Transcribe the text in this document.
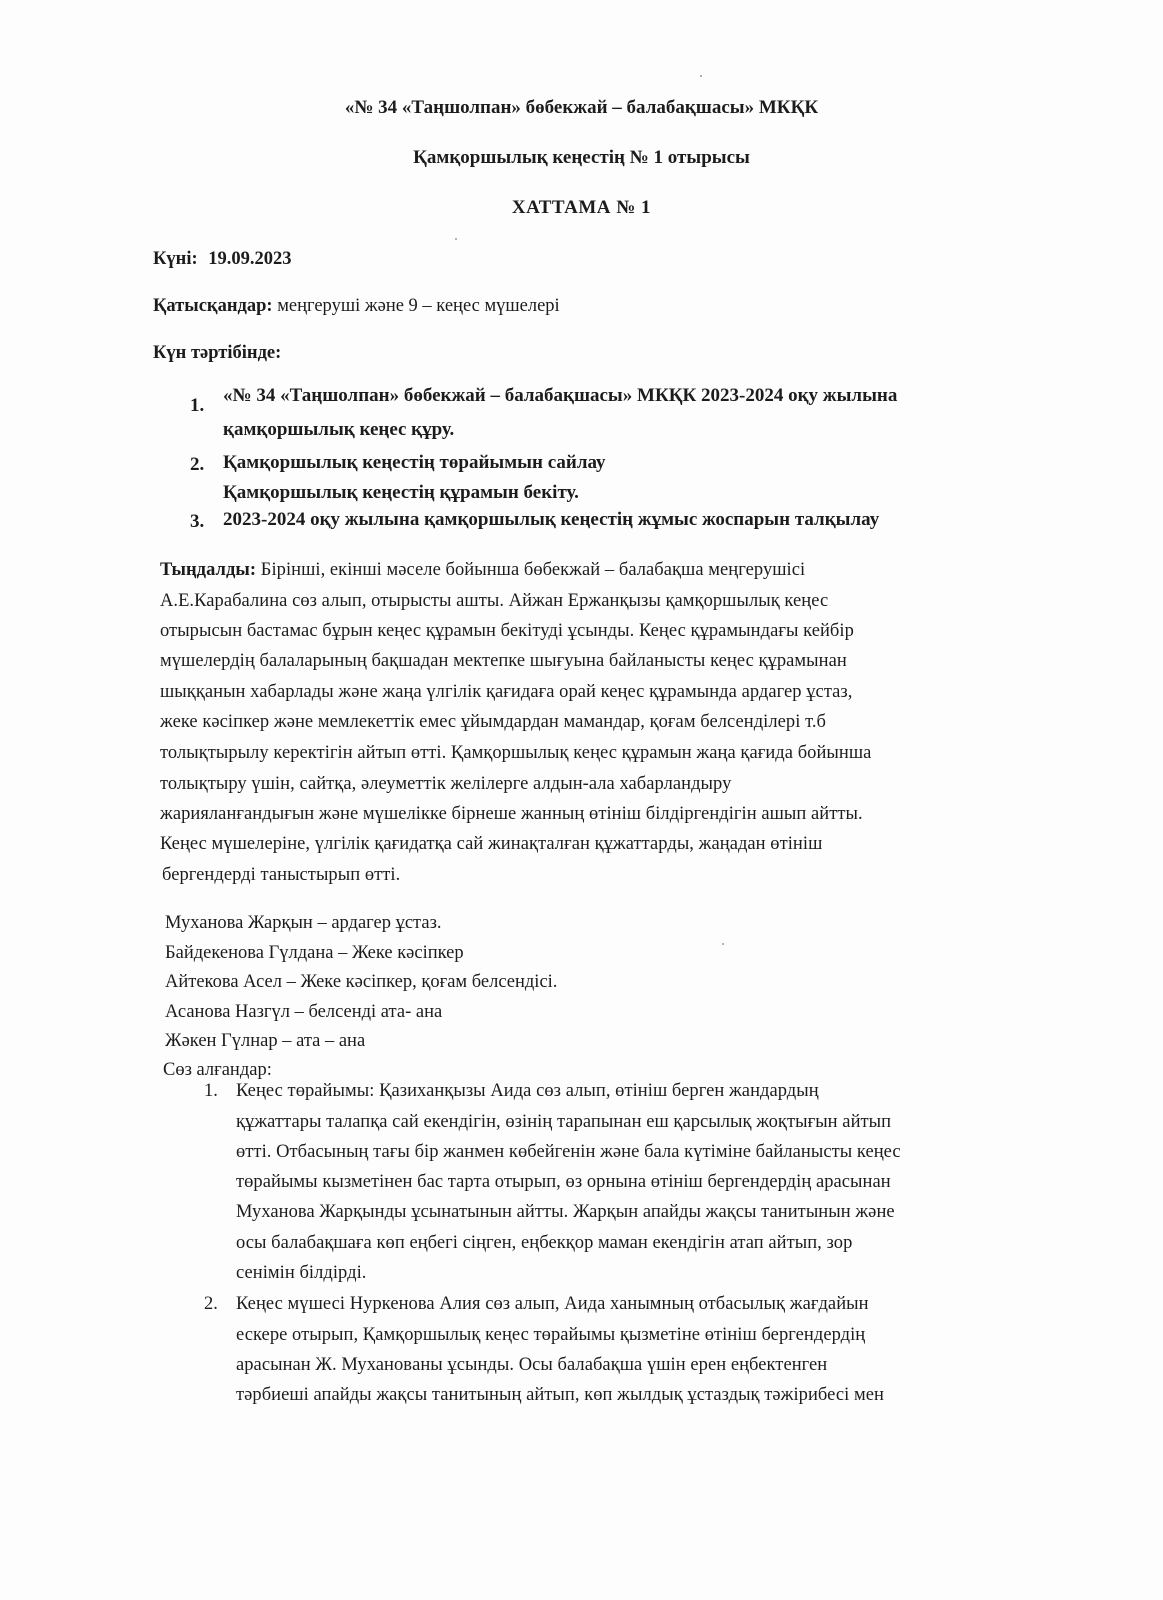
«№ 34 «Таңшолпан» бөбекжай – балабақшасы» МКҚК
Қамқоршылық кеңестің № 1 отырысы
ХАТТАМА № 1
Күні: 19.09.2023
Қатысқандар: меңгеруші және 9 – кеңес мүшелері
Күн тәртібінде:
1. «№ 34 «Таңшолпан» бөбекжай – балабақшасы» МКҚК 2023-2024 оқу жылына
қамқоршылық кеңес құру.
2. Қамқоршылық кеңестің төрайымын сайлау
Қамқоршылық кеңестің құрамын бекіту.
3. 2023-2024 оқу жылына қамқоршылық кеңестің жұмыс жоспарын талқылау
Тыңдалды: Бірінші, екінші мәселе бойынша бөбекжай – балабақша меңгерушісі
А.Е.Карабалина сөз алып, отырысты ашты. Айжан Ержанқызы қамқоршылық кеңес
отырысын бастамас бұрын кеңес құрамын бекітуді ұсынды. Кеңес құрамындағы кейбір
мүшелердің балаларының бақшадан мектепке шығуына байланысты кеңес құрамынан
шыққанын хабарлады және жаңа үлгілік қағидаға орай кеңес құрамында ардагер ұстаз,
жеке кәсіпкер және мемлекеттік емес ұйымдардан мамандар, қоғам белсенділері т.б
толықтырылу керектігін айтып өтті. Қамқоршылық кеңес құрамын жаңа қағида бойынша
толықтыру үшін, сайтқа, әлеуметтік желілерге алдын-ала хабарландыру
жарияланғандығын және мүшелікке бірнеше жанның өтініш білдіргендігін ашып айтты.
Кеңес мүшелеріне, үлгілік қағидатқа сай жинақталған құжаттарды, жаңадан өтініш
бергендерді таныстырып өтті.
Муханова Жарқын – ардагер ұстаз.
Байдекенова Гүлдана – Жеке кәсіпкер
Айтекова Асел – Жеке кәсіпкер, қоғам белсендісі.
Асанова Назгүл – белсенді ата- ана
Жәкен Гүлнар – ата – ана
Сөз алғандар:
1. Кеңес төрайымы: Қазиханқызы Аида сөз алып, өтініш берген жандардың
құжаттары талапқа сай екендігін, өзінің тарапынан еш қарсылық жоқтығын айтып
өтті. Отбасының тағы бір жанмен көбейгенін және бала күтіміне байланысты кеңес
төрайымы кызметінен бас тарта отырып, өз орнына өтініш бергендердің арасынан
Муханова Жарқынды ұсынатынын айтты. Жарқын апайды жақсы танитынын және
осы балабақшаға көп еңбегі сіңген, еңбекқор маман екендігін атап айтып, зор
сенімін білдірді.
2. Кеңес мүшесі Нуркенова Алия сөз алып, Аида ханымның отбасылық жағдайын
ескере отырып, Қамқоршылық кеңес төрайымы қызметіне өтініш бергендердің
арасынан Ж. Мухановaны ұсынды. Осы балабақша үшін ерен еңбектенген
тәрбиеші апайды жақсы танитының айтып, көп жылдық ұстаздық тәжірибесі мен
